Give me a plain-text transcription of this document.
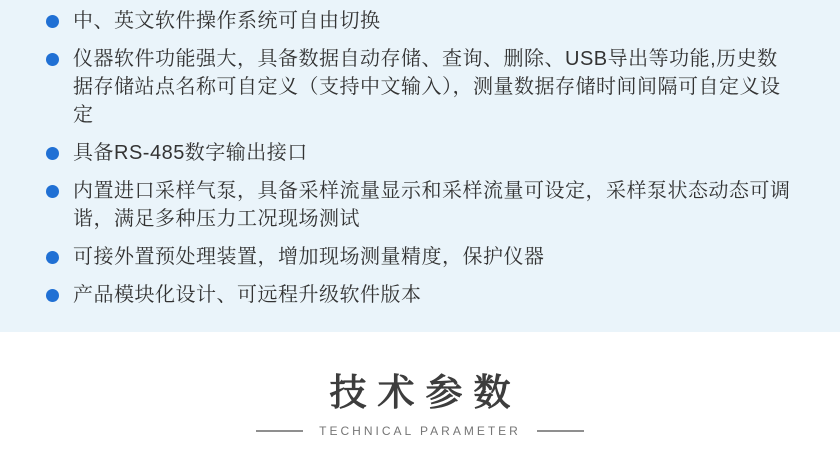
中、英文软件操作系统可自由切换
仪器软件功能强大，具备数据自动存储、查询、删除、USB导出等功能,历史数据存储站点名称可自定义（支持中文输入），测量数据存储时间间隔可自定义设定
具备RS-485数字输出接口
内置进口采样气泵，具备采样流量显示和采样流量可设定，采样泵状态动态可调谐，满足多种压力工况现场测试
可接外置预处理装置，增加现场测量精度，保护仪器
产品模块化设计、可远程升级软件版本
技术参数
TECHNICAL PARAMETER
